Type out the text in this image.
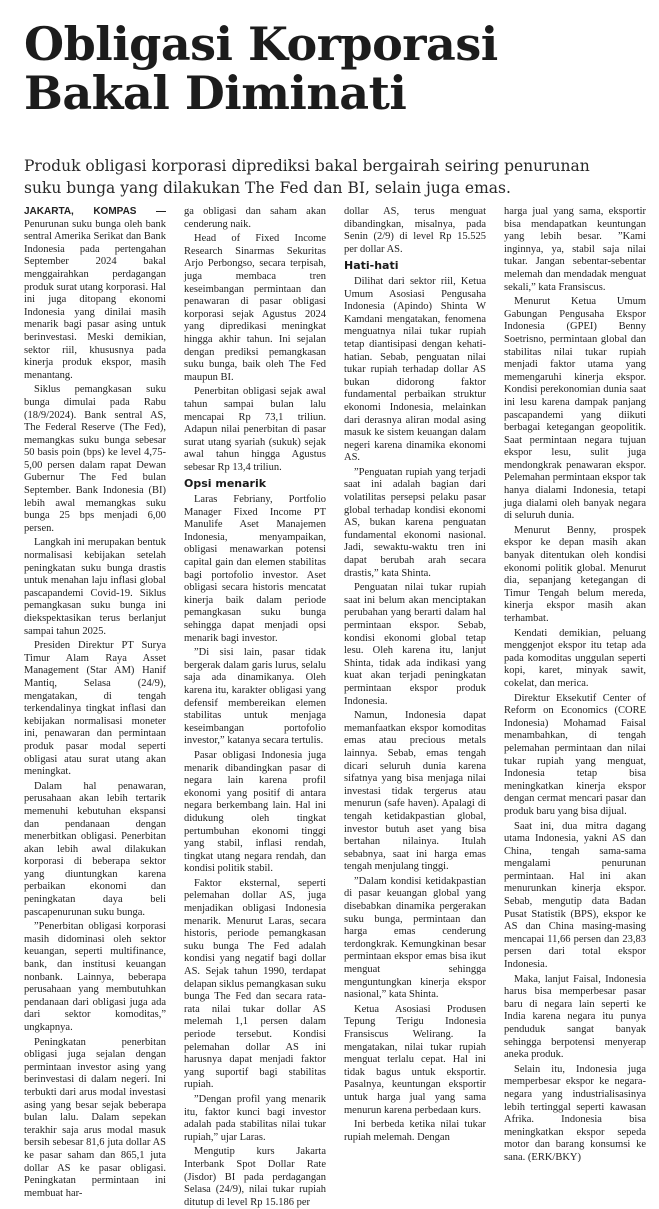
Obligasi Korporasi
Bakal Diminati

Produk obligasi korporasi diprediksi bakal bergairah seiring penurunan
suku bunga yang dilakukan The Fed dan BI, selain juga emas.

JAKARTA, KOMPAS — Penurunan suku bunga oleh bank sentral Amerika Serikat dan Bank Indonesia pada pertengahan September 2024 bakal menggairahkan perdagangan produk surat utang korporasi. Hal ini juga ditopang ekonomi Indonesia yang dinilai masih menarik bagi pasar asing untuk berinvestasi. Meski demikian, sektor riil, khususnya pada kinerja produk ekspor, masih menantang.

Siklus pemangkasan suku bunga dimulai pada Rabu (18/9/2024). Bank sentral AS, The Federal Reserve (The Fed), memangkas suku bunga sebesar 50 basis poin (bps) ke level 4,75-5,00 persen dalam rapat Dewan Gubernur The Fed bulan September. Bank Indonesia (BI) lebih awal memangkas suku bunga 25 bps menjadi 6,00 persen.

Langkah ini merupakan bentuk normalisasi kebijakan setelah peningkatan suku bunga drastis untuk menahan laju inflasi global pascapandemi Covid-19. Siklus pemangkasan suku bunga ini diekspektasikan terus berlanjut sampai tahun 2025.

Presiden Direktur PT Surya Timur Alam Raya Asset Management (Star AM) Hanif Mantiq, Selasa (24/9), mengatakan, di tengah terkendalinya tingkat inflasi dan kebijakan normalisasi moneter ini, penawaran dan permintaan produk pasar modal seperti obligasi atau surat utang akan meningkat.

Dalam hal penawaran, perusahaan akan lebih tertarik memenuhi kebutuhan ekspansi dan pendanaan dengan menerbitkan obligasi. Penerbitan akan lebih awal dilakukan korporasi di beberapa sektor yang diuntungkan karena perbaikan ekonomi dan peningkatan daya beli pascapenurunan suku bunga.

”Penerbitan obligasi korporasi masih didominasi oleh sektor keuangan, seperti multifinance, bank, dan institusi keuangan nonbank. Lainnya, beberapa perusahaan yang membutuhkan pendanaan dari obligasi juga ada dari sektor komoditas,” ungkapnya.

Peningkatan penerbitan obligasi juga sejalan dengan permintaan investor asing yang berinvestasi di dalam negeri. Ini terbukti dari arus modal investasi asing yang besar sejak beberapa bulan lalu. Dalam sepekan terakhir saja arus modal masuk bersih sebesar 81,6 juta dollar AS ke pasar saham dan 865,1 juta dollar AS ke pasar obligasi. Peningkatan permintaan ini membuat har-

ga obligasi dan saham akan cenderung naik.

Head of Fixed Income Research Sinarmas Sekuritas Arjo Perbongso, secara terpisah, juga membaca tren keseimbangan permintaan dan penawaran di pasar obligasi korporasi sejak Agustus 2024 yang dipredikasi meningkat hingga akhir tahun. Ini sejalan dengan prediksi pemangkasan suku bunga, baik oleh The Fed maupun BI.

Penerbitan obligasi sejak awal tahun sampai bulan lalu mencapai Rp 73,1 triliun. Adapun nilai penerbitan di pasar surat utang syariah (sukuk) sejak awal tahun hingga Agustus sebesar Rp 13,4 triliun.

Opsi menarik

Laras Febriany, Portfolio Manager Fixed Income PT Manulife Aset Manajemen Indonesia, menyampaikan, obligasi menawarkan potensi capital gain dan elemen stabilitas bagi portofolio investor. Aset obligasi secara historis mencatat kinerja baik dalam periode pemangkasan suku bunga sehingga dapat menjadi opsi menarik bagi investor.

”Di sisi lain, pasar tidak bergerak dalam garis lurus, selalu saja ada dinamikanya. Oleh karena itu, karakter obligasi yang defensif membereikan elemen stabilitas untuk menjaga keseimbangan portofolio investor,” katanya secara tertulis.

Pasar obligasi Indonesia juga menarik dibandingkan pasar di negara lain karena profil ekonomi yang positif di antara negara berkembang lain. Hal ini didukung oleh tingkat pertumbuhan ekonomi tinggi yang stabil, inflasi rendah, tingkat utang negara rendah, dan kondisi politik stabil.

Faktor eksternal, seperti pelemahan dollar AS, juga menjadikan obligasi Indonesia menarik. Menurut Laras, secara historis, periode pemangkasan suku bunga The Fed adalah kondisi yang negatif bagi dollar AS. Sejak tahun 1990, terdapat delapan siklus pemangkasan suku bunga The Fed dan secara rata-rata nilai tukar dollar AS melemah 1,1 persen dalam periode tersebut. Kondisi pelemahan dollar AS ini harusnya dapat menjadi faktor yang suportif bagi stabilitas rupiah.

”Dengan profil yang menarik itu, faktor kunci bagi investor adalah pada stabilitas nilai tukar rupiah,” ujar Laras.

Mengutip kurs Jakarta Interbank Spot Dollar Rate (Jisdor) BI pada perdagangan Selasa (24/9), nilai tukar rupiah ditutup di level Rp 15.186 per

dollar AS, terus menguat dibandingkan, misalnya, pada Senin (2/9) di level Rp 15.525 per dollar AS.

Hati-hati

Dilihat dari sektor riil, Ketua Umum Asosiasi Pengusaha Indonesia (Apindo) Shinta W Kamdani mengatakan, fenomena menguatnya nilai tukar rupiah tetap diantisipasi dengan kehati-hatian. Sebab, penguatan nilai tukar rupiah terhadap dollar AS bukan didorong faktor fundamental perbaikan struktur ekonomi Indonesia, melainkan dari derasnya aliran modal asing masuk ke sistem keuangan dalam negeri karena dinamika ekonomi AS.

”Penguatan rupiah yang terjadi saat ini adalah bagian dari volatilitas persepsi pelaku pasar global terhadap kondisi ekonomi AS, bukan karena penguatan fundamental ekonomi nasional. Jadi, sewaktu-waktu tren ini dapat berubah arah secara drastis,” kata Shinta.

Penguatan nilai tukar rupiah saat ini belum akan menciptakan perubahan yang berarti dalam hal permintaan ekspor. Sebab, kondisi ekonomi global tetap lesu. Oleh karena itu, lanjut Shinta, tidak ada indikasi yang kuat akan terjadi peningkatan permintaan ekspor produk Indonesia.

Namun, Indonesia dapat memanfaatkan ekspor komoditas emas atau precious metals lainnya. Sebab, emas tengah dicari seluruh dunia karena sifatnya yang bisa menjaga nilai investasi tidak tergerus atau menurun (safe haven). Apalagi di tengah ketidakpastian global, investor butuh aset yang bisa bertahan nilainya. Itulah sebabnya, saat ini harga emas tengah menjulang tinggi.

”Dalam kondisi ketidakpastian di pasar keuangan global yang disebabkan dinamika pergerakan suku bunga, permintaan dan harga emas cenderung terdongkrak. Kemungkinan besar permintaan ekspor emas bisa ikut menguat sehingga menguntungkan kinerja ekspor nasional,” kata Shinta.

Ketua Asosiasi Produsen Tepung Terigu Indonesia Fransiscus Welirang. Ia mengatakan, nilai tukar rupiah menguat terlalu cepat. Hal ini tidak bagus untuk eksportir. Pasalnya, keuntungan eksportir untuk harga jual yang sama menurun karena perbedaan kurs.

Ini berbeda ketika nilai tukar rupiah melemah. Dengan

harga jual yang sama, eksportir bisa mendapatkan keuntungan yang lebih besar. ”Kami inginnya, ya, stabil saja nilai tukar. Jangan sebentar-sebentar melemah dan mendadak menguat sekali,” kata Fransiscus.

Menurut Ketua Umum Gabungan Pengusaha Ekspor Indonesia (GPEI) Benny Soetrisno, permintaan global dan stabilitas nilai tukar rupiah menjadi faktor utama yang memengaruhi kinerja ekspor. Kondisi perekonomian dunia saat ini lesu karena dampak panjang pascapandemi yang diikuti berbagai ketegangan geopolitik. Saat permintaan negara tujuan ekspor lesu, sulit juga mendongkrak penawaran ekspor. Pelemahan permintaan ekspor tak hanya dialami Indonesia, tetapi juga dialami oleh banyak negara di seluruh dunia.

Menurut Benny, prospek ekspor ke depan masih akan banyak ditentukan oleh kondisi ekonomi politik global. Menurut dia, sepanjang ketegangan di Timur Tengah belum mereda, kinerja ekspor masih akan terhambat.

Kendati demikian, peluang menggenjot ekspor itu tetap ada pada komoditas unggulan seperti kopi, karet, minyak sawit, cokelat, dan merica.

Direktur Eksekutif Center of Reform on Economics (CORE Indonesia) Mohamad Faisal menambahkan, di tengah pelemahan permintaan dan nilai tukar rupiah yang menguat, Indonesia tetap bisa meningkatkan kinerja ekspor dengan cermat mencari pasar dan produk baru yang bisa dijual.

Saat ini, dua mitra dagang utama Indonesia, yakni AS dan China, tengah sama-sama mengalami penurunan permintaan. Hal ini akan menurunkan kinerja ekspor. Sebab, mengutip data Badan Pusat Statistik (BPS), ekspor ke AS dan China masing-masing mencapai 11,66 persen dan 23,83 persen dari total ekspor Indonesia.

Maka, lanjut Faisal, Indonesia harus bisa memperbesar pasar baru di negara lain seperti ke India karena negara itu punya penduduk sangat banyak sehingga berpotensi menyerap aneka produk.

Selain itu, Indonesia juga memperbesar ekspor ke negara-negara yang industrialisasinya lebih tertinggal seperti kawasan Afrika. Indonesia bisa meningkatkan ekspor sepeda motor dan barang konsumsi ke sana. (ERK/BKY)
